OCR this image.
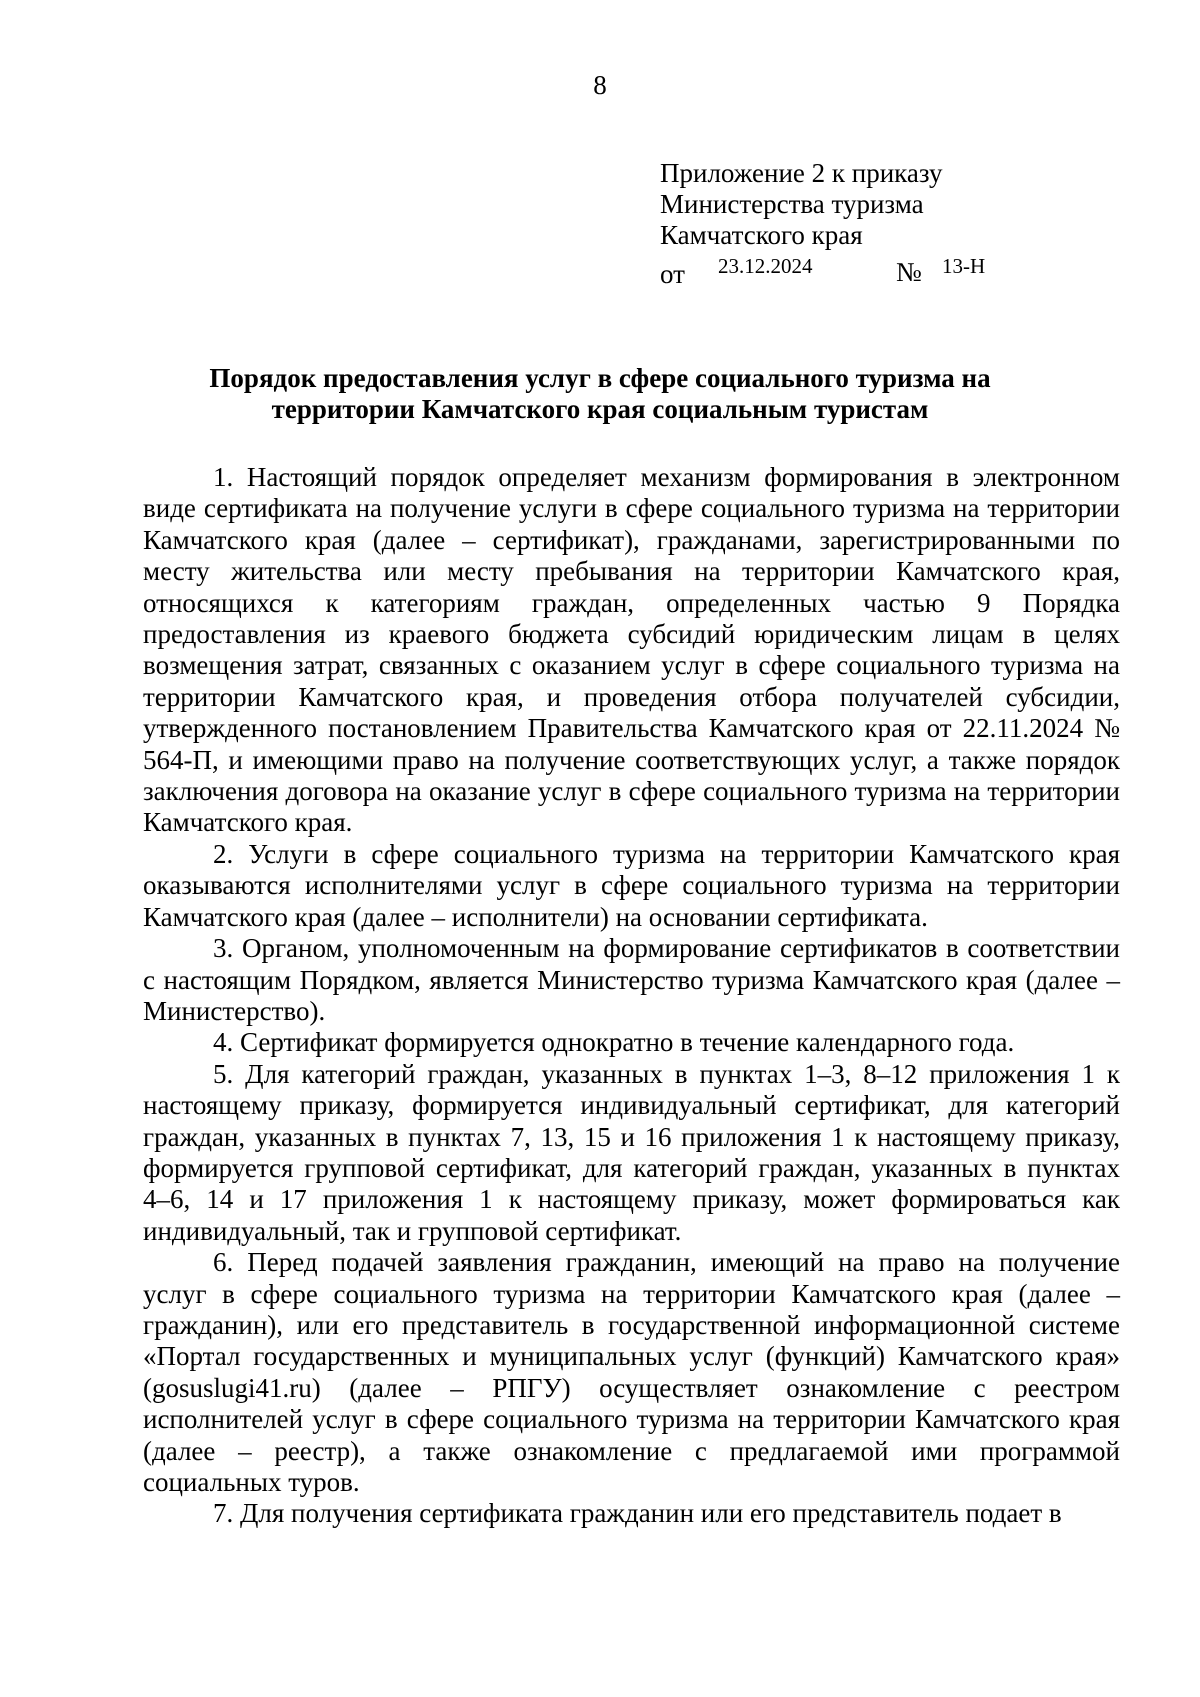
8
Приложение 2 к приказу
Министерства туризма
Камчатского края
от 23.12.2024	№ 13-Н
Порядок предоставления услуг в сфере социального туризма на
территории Камчатского края социальным туристам

1. Настоящий порядок определяет механизм формирования в электронном виде сертификата на получение услуги в сфере социального туризма на территории Камчатского края (далее – сертификат), гражданами, зарегистрированными по месту жительства или месту пребывания на территории Камчатского края, относящихся к категориям граждан, определенных частью 9 Порядка предоставления из краевого бюджета субсидий юридическим лицам в целях возмещения затрат, связанных с оказанием услуг в сфере социального туризма на территории Камчатского края, и проведения отбора получателей субсидии, утвержденного постановлением Правительства Камчатского края от 22.11.2024 № 564-П, и имеющими право на получение соответствующих услуг, а также порядок заключения договора на оказание услуг в сфере социального туризма на территории Камчатского края.

2. Услуги в сфере социального туризма на территории Камчатского края оказываются исполнителями услуг в сфере социального туризма на территории Камчатского края (далее – исполнители) на основании сертификата.

3. Органом, уполномоченным на формирование сертификатов в соответствии с настоящим Порядком, является Министерство туризма Камчатского края (далее – Министерство).

4. Сертификат формируется однократно в течение календарного года.

5. Для категорий граждан, указанных в пунктах 1–3, 8–12 приложения 1 к настоящему приказу, формируется индивидуальный сертификат, для категорий граждан, указанных в пунктах 7, 13, 15 и 16 приложения 1 к настоящему приказу, формируется групповой сертификат, для категорий граждан, указанных в пунктах 4–6, 14 и 17 приложения 1 к настоящему приказу, может формироваться как индивидуальный, так и групповой сертификат.

6. Перед подачей заявления гражданин, имеющий на право на получение услуг в сфере социального туризма на территории Камчатского края (далее – гражданин), или его представитель в государственной информационной системе «Портал государственных и муниципальных услуг (функций) Камчатского края» (gosuslugi41.ru) (далее – РПГУ) осуществляет ознакомление с реестром исполнителей услуг в сфере социального туризма на территории Камчатского края (далее – реестр), а также ознакомление с предлагаемой ими программой социальных туров.

7. Для получения сертификата гражданин или его представитель подает в
